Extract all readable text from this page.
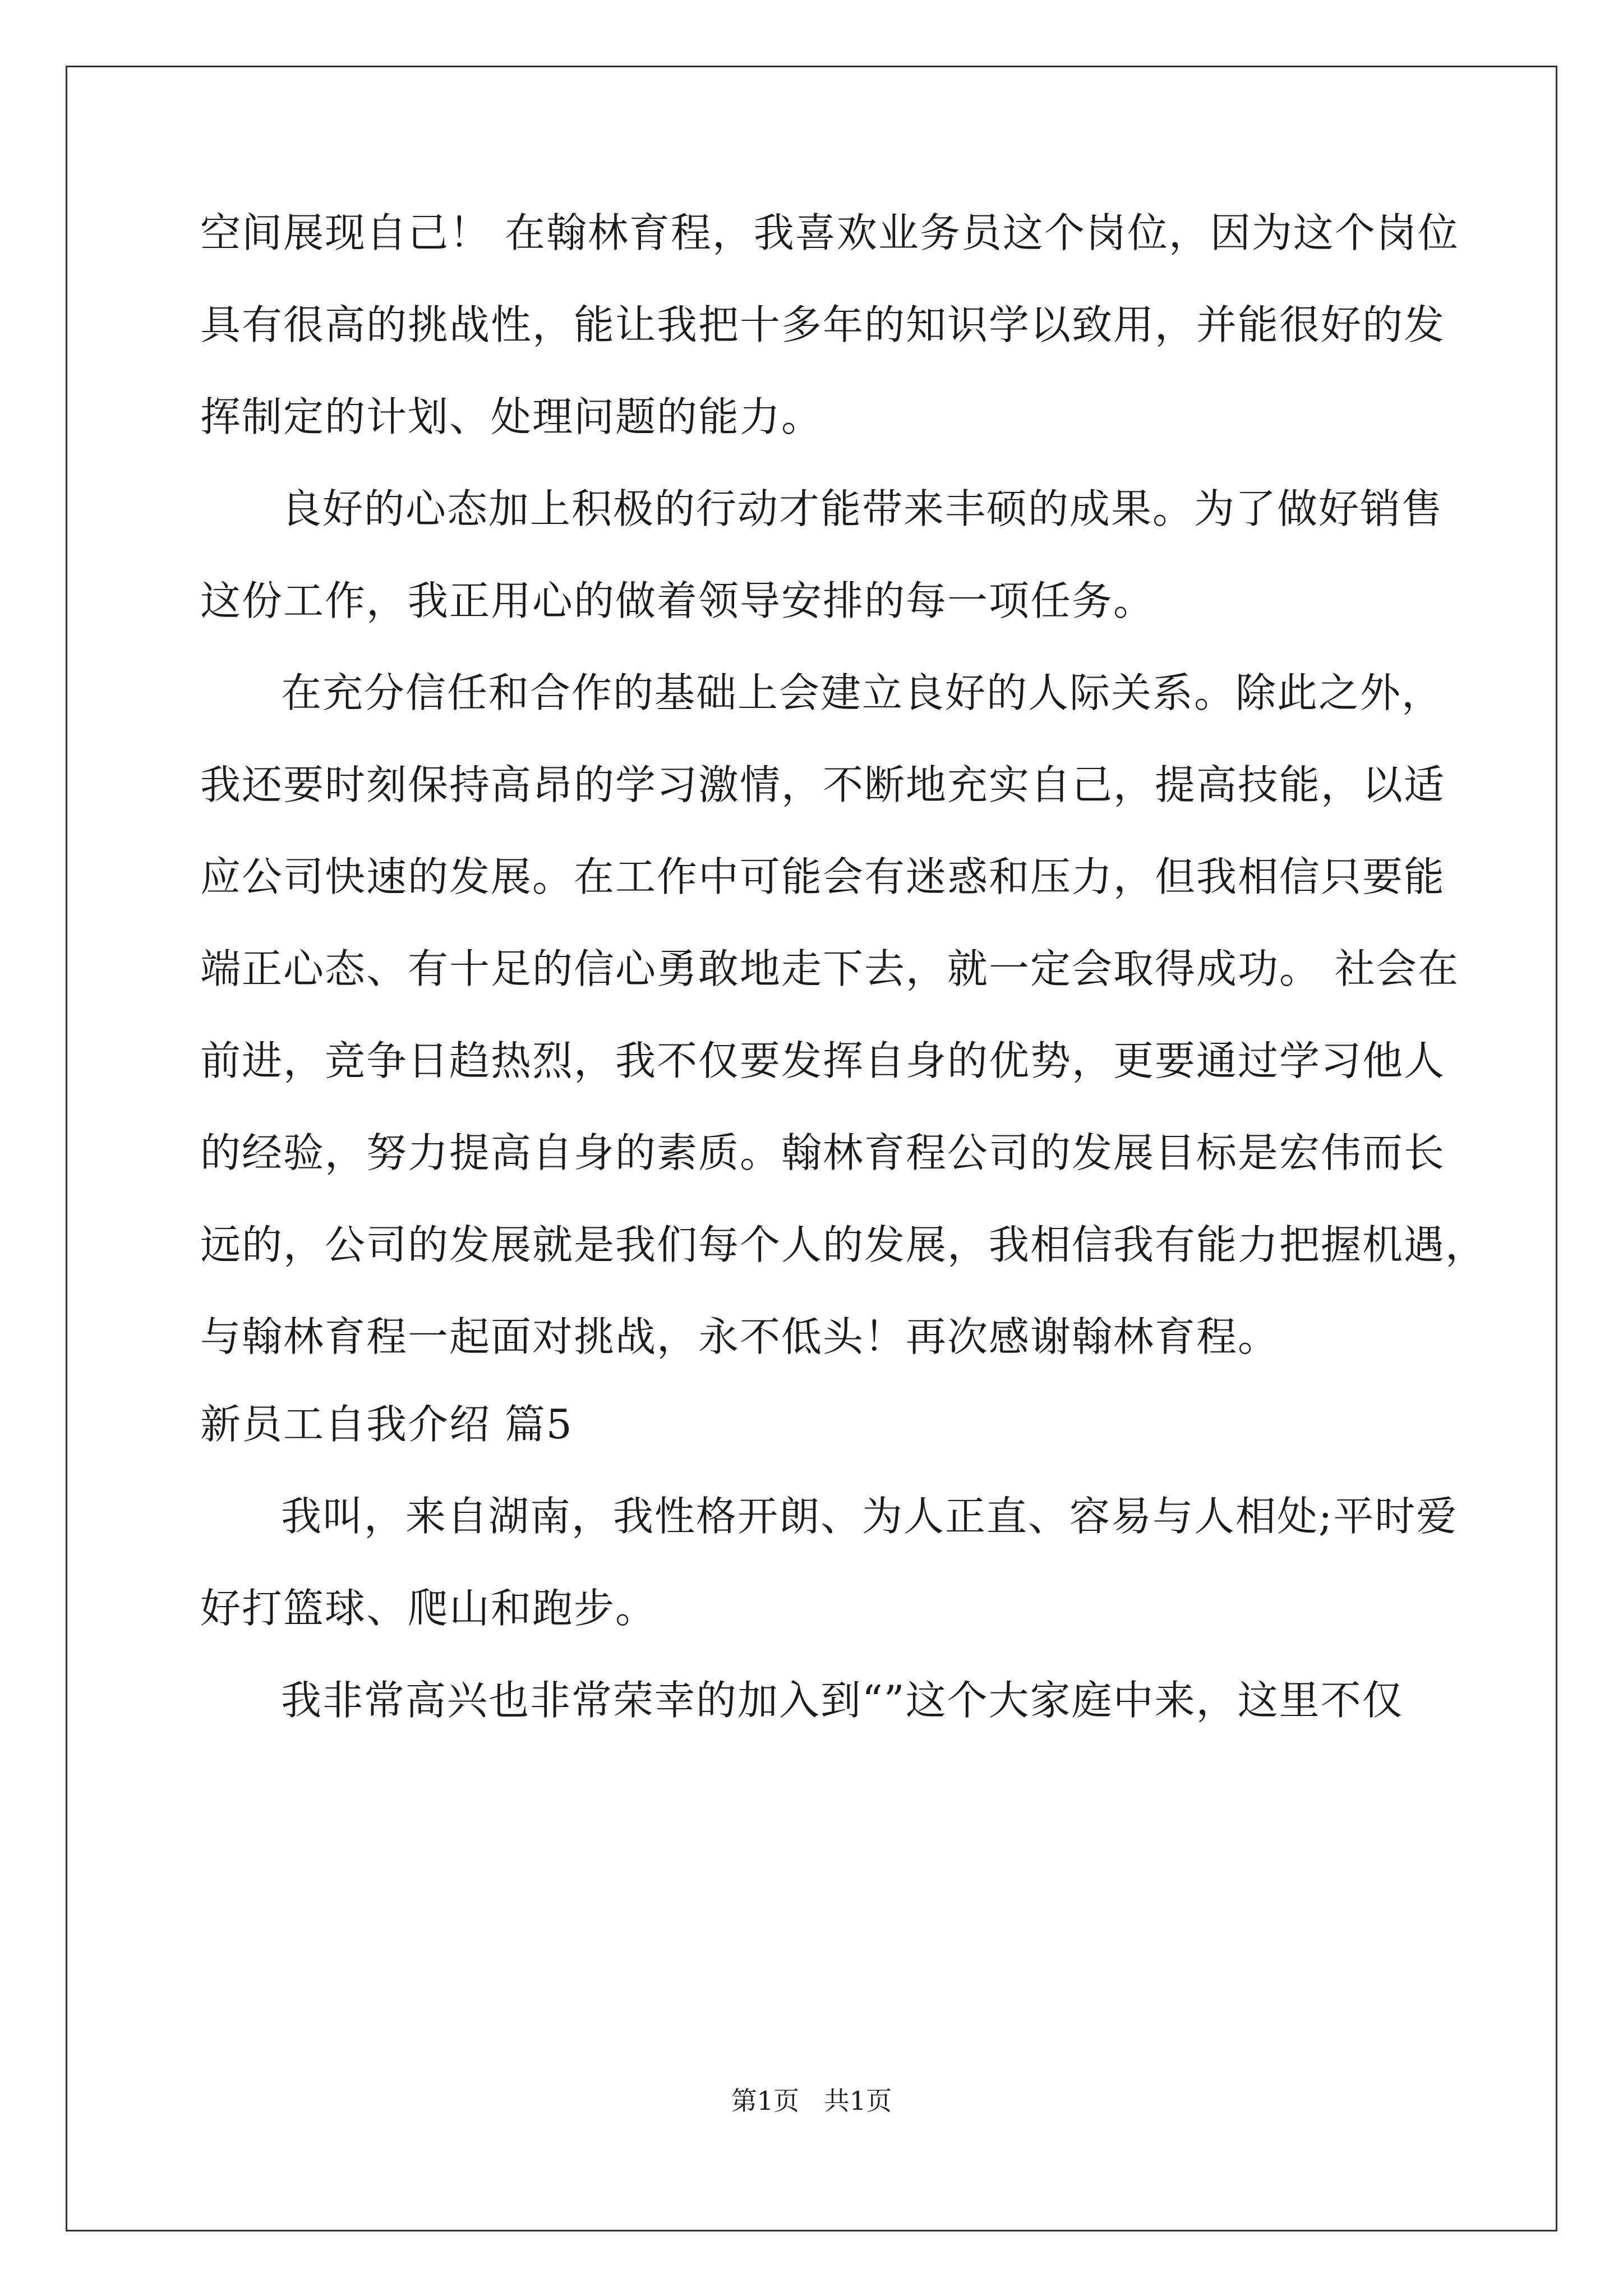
空间展现自己！ 在翰林育程，我喜欢业务员这个岗位，因为这个岗位
具有很高的挑战性，能让我把十多年的知识学以致用，并能很好的发
挥制定的计划、处理问题的能力。
良好的心态加上积极的行动才能带来丰硕的成果。为了做好销售
这份工作，我正用心的做着领导安排的每一项任务。
在充分信任和合作的基础上会建立良好的人际关系。除此之外，
我还要时刻保持高昂的学习激情，不断地充实自己，提高技能，以适
应公司快速的发展。在工作中可能会有迷惑和压力，但我相信只要能
端正心态、有十足的信心勇敢地走下去，就一定会取得成功。 社会在
前进，竞争日趋热烈，我不仅要发挥自身的优势，更要通过学习他人
的经验，努力提高自身的素质。翰林育程公司的发展目标是宏伟而长
远的，公司的发展就是我们每个人的发展，我相信我有能力把握机遇，
与翰林育程一起面对挑战，永不低头！再次感谢翰林育程。
新员工自我介绍 篇5
我叫，来自湖南，我性格开朗、为人正直、容易与人相处;平时爱
好打篮球、爬山和跑步。
我非常高兴也非常荣幸的加入到“”这个大家庭中来，这里不仅
第1页   共1页
